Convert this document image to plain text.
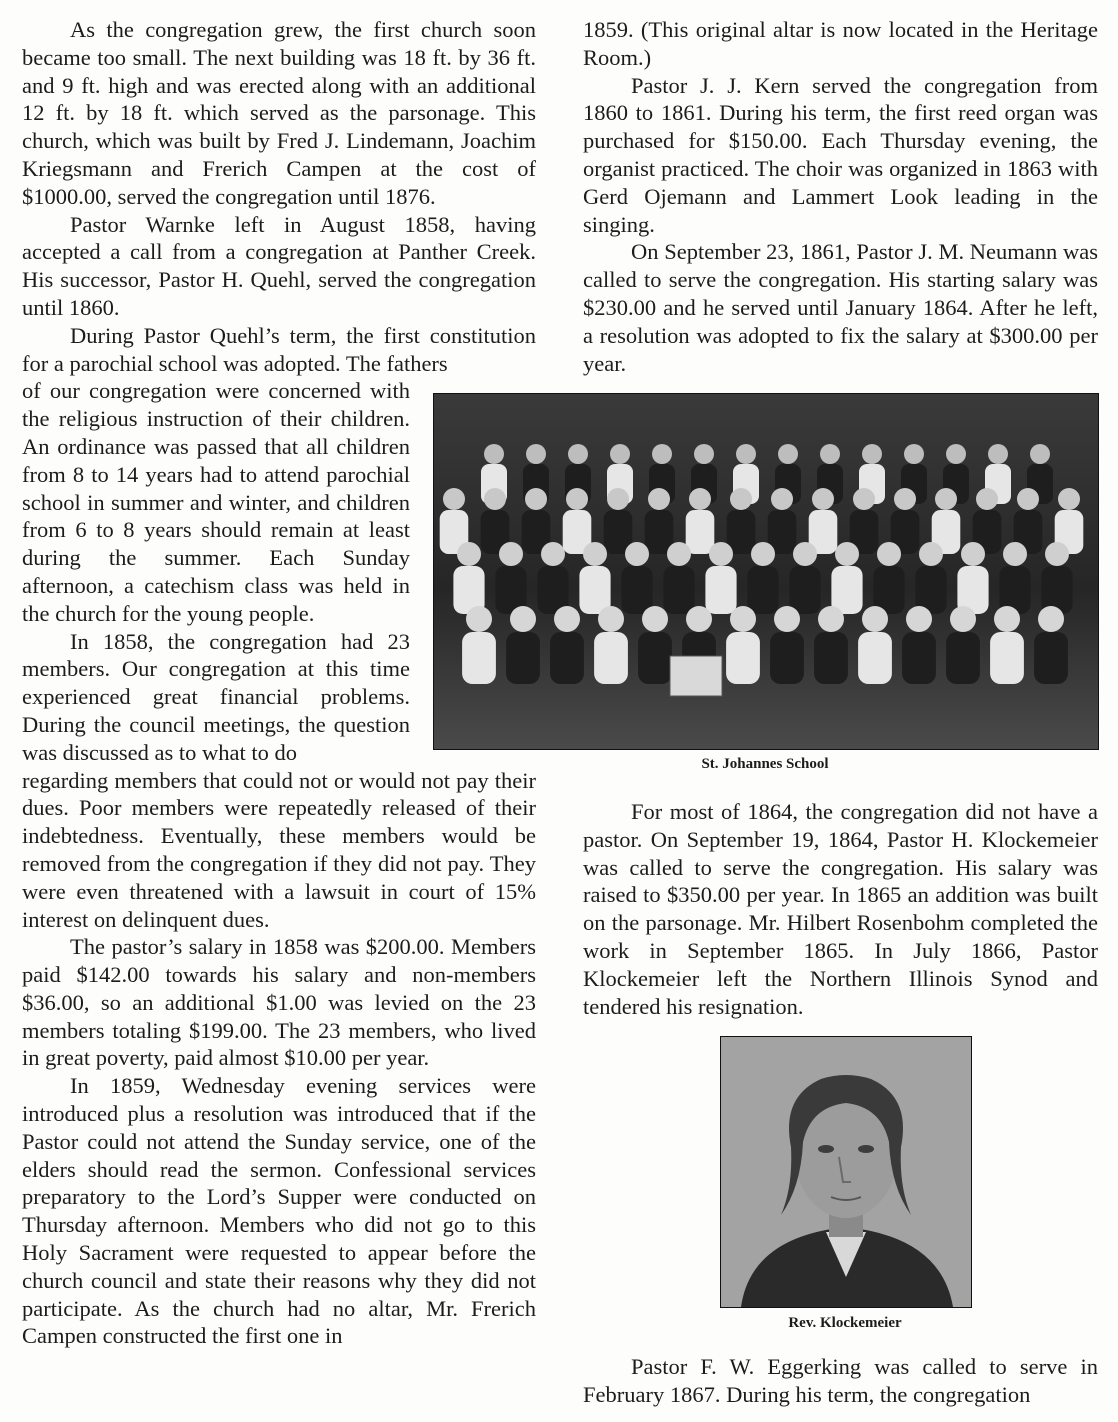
As the congregation grew, the first church soon became too small. The next building was 18 ft. by 36 ft. and 9 ft. high and was erected along with an additional 12 ft. by 18 ft. which served as the parsonage. This church, which was built by Fred J. Lindemann, Joachim Kriegsmann and Frerich Campen at the cost of $1000.00, served the congregation until 1876.

Pastor Warnke left in August 1858, having accepted a call from a congregation at Panther Creek. His successor, Pastor H. Quehl, served the congregation until 1860.

During Pastor Quehl’s term, the first constitution for a parochial school was adopted. The fathers

of our congregation were concerned with the religious instruction of their children. An ordinance was passed that all children from 8 to 14 years had to attend parochial school in summer and winter, and children from 6 to 8 years should remain at least during the summer. Each Sunday afternoon, a catechism class was held in the church for the young people.

In 1858, the congregation had 23 members. Our congregation at this time experienced great financial problems. During the council meetings, the question was discussed as to what to do

regarding members that could not or would not pay their dues. Poor members were repeatedly released of their indebtedness. Eventually, these members would be removed from the congregation if they did not pay. They were even threatened with a lawsuit in court of 15% interest on delinquent dues.

The pastor’s salary in 1858 was $200.00. Members paid $142.00 towards his salary and non-members $36.00, so an additional $1.00 was levied on the 23 members totaling $199.00. The 23 members, who lived in great poverty, paid almost $10.00 per year.

In 1859, Wednesday evening services were introduced plus a resolution was introduced that if the Pastor could not attend the Sunday service, one of the elders should read the sermon. Confessional services preparatory to the Lord’s Supper were conducted on Thursday afternoon. Members who did not go to this Holy Sacrament were requested to appear before the church council and state their reasons why they did not participate. As the church had no altar, Mr. Frerich Campen constructed the first one in

1859. (This original altar is now located in the Heritage Room.)

Pastor J. J. Kern served the congregation from 1860 to 1861. During his term, the first reed organ was purchased for $150.00. Each Thursday evening, the organist practiced. The choir was organized in 1863 with Gerd Ojemann and Lammert Look leading in the singing.

On September 23, 1861, Pastor J. M. Neumann was called to serve the congregation. His starting salary was $230.00 and he served until January 1864. After he left, a resolution was adopted to fix the salary at $300.00 per year.

For most of 1864, the congregation did not have a pastor. On September 19, 1864, Pastor H. Klockemeier was called to serve the congregation. His salary was raised to $350.00 per year. In 1865 an addition was built on the parsonage. Mr. Hilbert Rosenbohm completed the work in September 1865. In July 1866, Pastor Klockemeier left the Northern Illinois Synod and tendered his resignation.

Pastor F. W. Eggerking was called to serve in February 1867. During his term, the congregation

St. Johannes School
Rev. Klockemeier
